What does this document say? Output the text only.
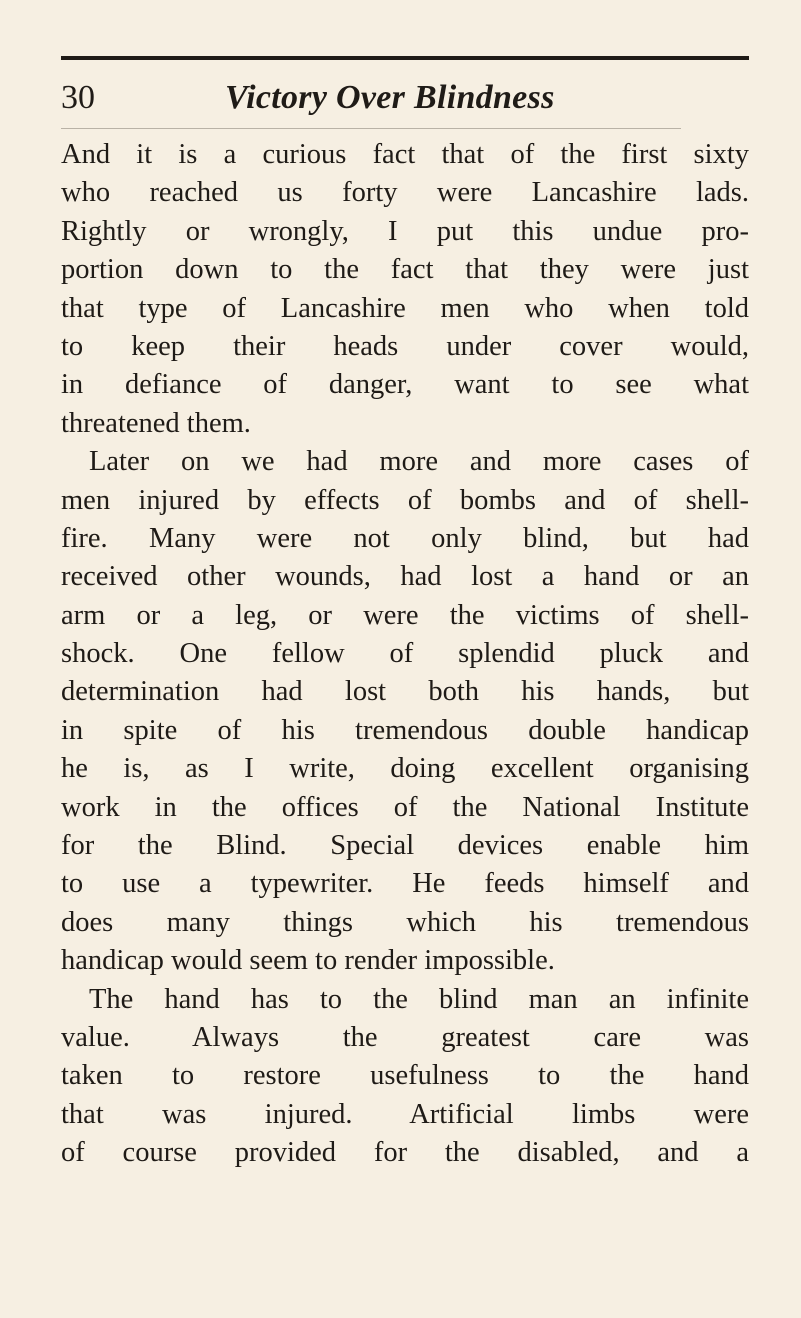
30	Victory Over Blindness
And it is a curious fact that of the first sixty
who reached us forty were Lancashire lads.
Rightly or wrongly, I put this undue pro-
portion down to the fact that they were just
that type of Lancashire men who when told
to keep their heads under cover would,
in defiance of danger, want to see what
threatened them.
Later on we had more and more cases of
men injured by effects of bombs and of shell-
fire. Many were not only blind, but had
received other wounds, had lost a hand or an
arm or a leg, or were the victims of shell-
shock. One fellow of splendid pluck and
determination had lost both his hands, but
in spite of his tremendous double handicap
he is, as I write, doing excellent organising
work in the offices of the National Institute
for the Blind. Special devices enable him
to use a typewriter. He feeds himself and
does many things which his tremendous
handicap would seem to render impossible.
The hand has to the blind man an infinite
value. Always the greatest care was
taken to restore usefulness to the hand
that was injured. Artificial limbs were
of course provided for the disabled, and a
